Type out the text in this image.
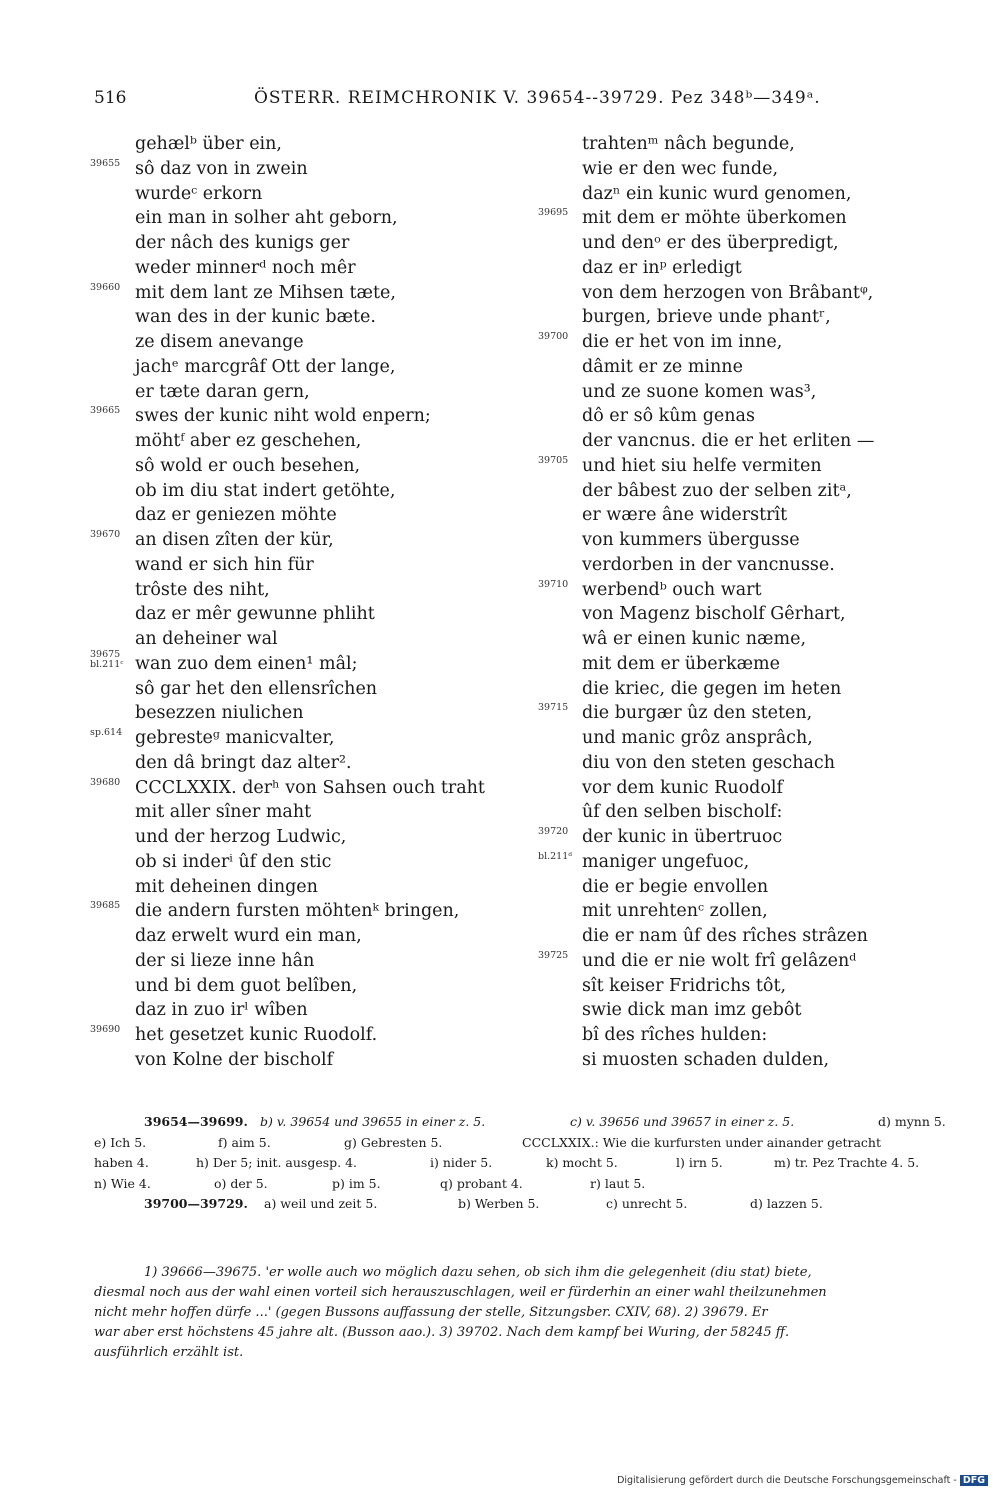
516	ÖSTERR. REIMCHRONIK V. 39654--39729. Pez 348ᵇ—349ᵃ.
gehælᵇ über ein,
39655 sô daz von in zwein
wurdeᶜ erkorn
ein man in solher aht geborn,
der nâch des kunigs ger
weder minnerᵈ noch mêr
39660 mit dem lant ze Mihsen tæte,
wan des in der kunic bæte.
ze disem anevange
jachᵉ marcgrâf Ott der lange,
er tæte daran gern,
39665 swes der kunic niht wold enpern;
möhtᶠ aber ez geschehen,
sô wold er ouch besehen,
ob im diu stat indert getöhte,
daz er geniezen möhte
39670 an disen zîten der kür,
wand er sich hin für
trôste des niht,
daz er mêr gewunne phliht
an deheiner wal
39675
bl.211ᶜ wan zuo dem einen¹ mâl;
sô gar het den ellensrîchen
besezzen niulichen
sp.614 gebresteᵍ manicvalter,
den dâ bringt daz alter².
39680 CCCLXXIX. derʰ von Sahsen ouch traht
mit aller sîner maht
und der herzog Ludwic,
ob si inderⁱ ûf den stic
mit deheinen dingen
39685 die andern fursten möhtenᵏ bringen,
daz erwelt wurd ein man,
der si lieze inne hân
und bi dem guot belîben,
daz in zuo irˡ wîben
39690 het gesetzet kunic Ruodolf.
von Kolne der bischolf
trahtenᵐ nâch begunde,
wie er den wec funde,
dazⁿ ein kunic wurd genomen,
39695 mit dem er möhte überkomen
und denᵒ er des überpredigt,
daz er inᵖ erledigt
von dem herzogen von Brâbantᵠ,
burgen, brieve unde phantʳ,
39700 die er het von im inne,
dâmit er ze minne
und ze suone komen was³,
dô er sô kûm genas
der vancnus. die er het erliten —
39705 und hiet siu helfe vermiten
der bâbest zuo der selben zitᵃ,
er wære âne widerstrît
von kummers übergusse
verdorben in der vancnusse.
39710 werbendᵇ ouch wart
von Magenz bischolf Gêrhart,
wâ er einen kunic næme,
mit dem er überkæme
die kriec, die gegen im heten
39715 die burgær ûz den steten,
und manic grôz ansprâch,
diu von den steten geschach
vor dem kunic Ruodolf
ûf den selben bischolf:
39720 der kunic in übertruoc
bl.211ᵈ maniger ungefuoc,
die er begie envollen
mit unrehtenᶜ zollen,
die er nam ûf des rîches strâzen
39725 und die er nie wolt frî gelâzenᵈ
sît keiser Fridrichs tôt,
swie dick man imz gebôt
bî des rîches hulden:
si muosten schaden dulden,
39654—39699. b) v. 39654 und 39655 in einer z. 5.	c) v. 39656 und 39657 in einer z. 5.	d) mynn 5.
e) Ich 5.	f) aim 5.	g) Gebresten 5.	CCCLXXIX.: Wie die kurfursten under ainander getracht
haben 4.	h) Der 5; init. ausgesp. 4.	i) nider 5.	k) mocht 5.	l) irn 5.	m) tr. Pez Trachte 4. 5.
n) Wie 4.	o) der 5.	p) im 5.	q) probant 4.	r) laut 5.
39700—39729. a) weil und zeit 5.	b) Werben 5.	c) unrecht 5.	d) lazzen 5.
1) 39666—39675. 'er wolle auch wo möglich dazu sehen, ob sich ihm die gelegenheit (diu stat) biete,
diesmal noch aus der wahl einen vorteil sich herauszuschlagen, weil er fürderhin an einer wahl theilzunehmen
nicht mehr hoffen dürfe ...' (gegen Bussons auffassung der stelle, Sitzungsber. CXIV, 68). 2) 39679. Er
war aber erst höchstens 45 jahre alt. (Busson aao.). 3) 39702. Nach dem kampf bei Wuring, der 58245 ff.
ausführlich erzählt ist.
Digitalisierung gefördert durch die Deutsche Forschungsgemeinschaft - DFG
